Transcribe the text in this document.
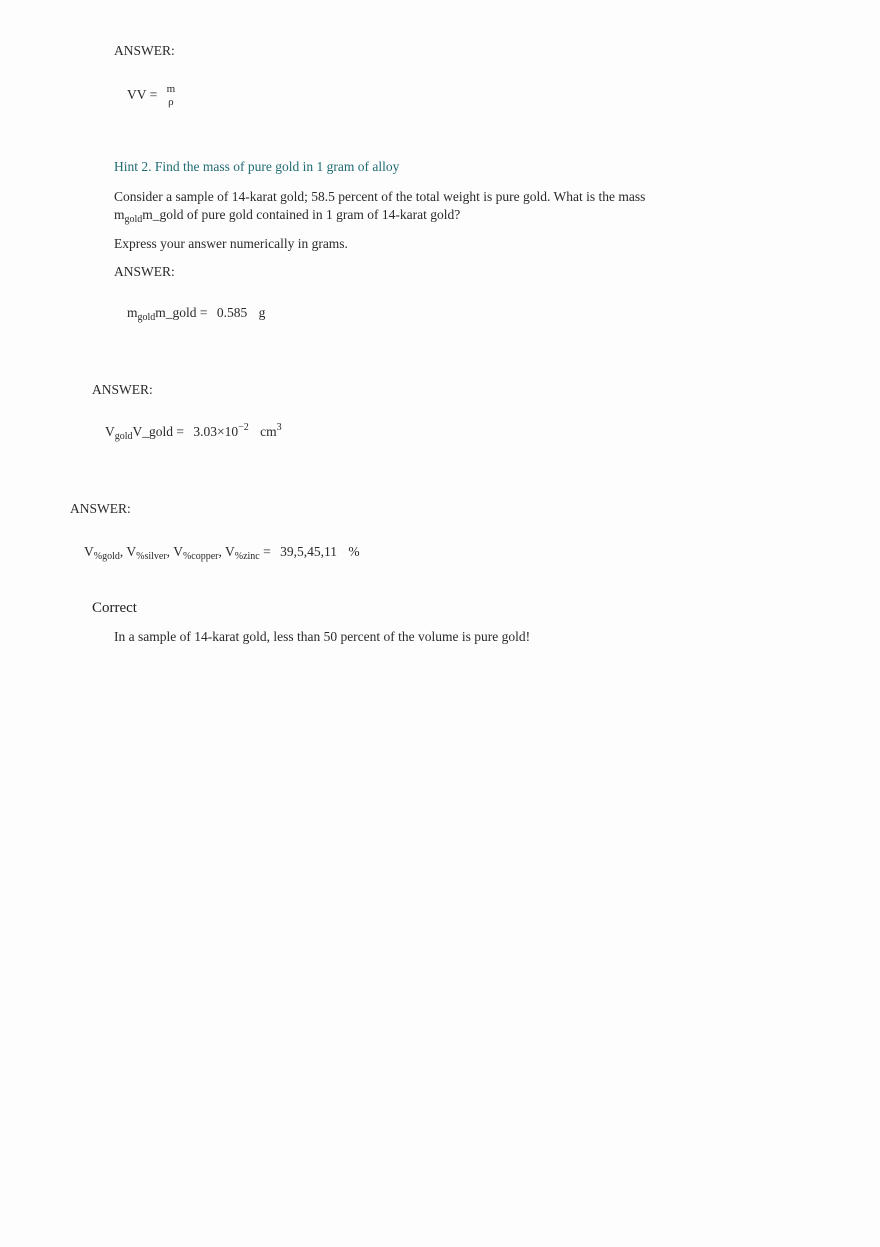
ANSWER:
VV = m
ρ
Hint 2. Find the mass of pure gold in 1 gram of alloy
Consider a sample of 14-karat gold; 58.5 percent of the total weight is pure gold. What is the mass
$m_{gold}m\_gold$ of pure gold contained in 1 gram of 14-karat gold?
Express your answer numerically in grams.
ANSWER:
$m_{gold}m\_gold = 0.585$ g
ANSWER:
$V_{gold}V\_gold = 3.03\times 10^{-2}$ $cm^3$
ANSWER:
$V_{\%gold}$, $V_{\%silver}$, $V_{\%copper}$, $V_{\%zinc} = 39,5,45,11$ %
Correct
In a sample of 14-karat gold, less than 50 percent of the volume is pure gold!
